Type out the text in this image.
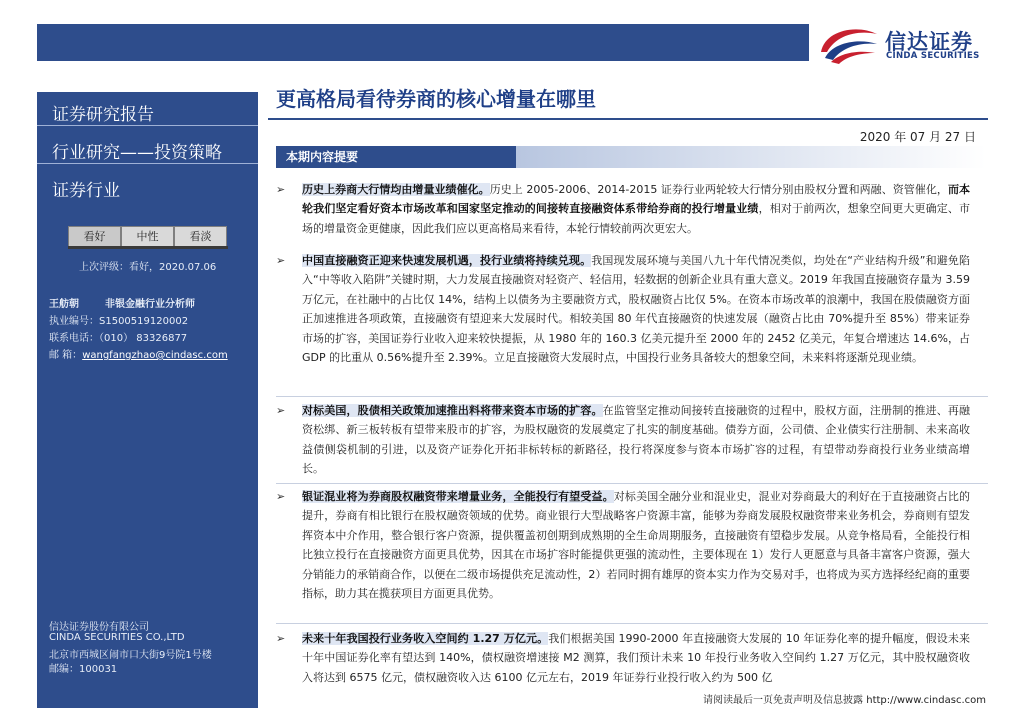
信达证券
CINDA SECURITIES
证券研究报告
行业研究——投资策略
证券行业
看好	中性	看淡
上次评级：看好，2020.07.06
王舫朝	非银金融行业分析师
执业编号：S1500519120002
联系电话：（010） 83326877
邮 箱：wangfangzhao@cindasc.com
信达证券股份有限公司
CINDA SECURITIES CO.,LTD
北京市西城区闹市口大街9号院1号楼
邮编：100031
更高格局看待券商的核心增量在哪里
2020 年 07 月 27 日
本期内容提要
➢ 历史上券商大行情均由增量业绩催化。历史上 2005-2006、2014-2015 证券行业两轮较大行情分别由股权分置和两融、资管催化，而本轮我们坚定看好资本市场改革和国家坚定推动的间接转直接融资体系带给券商的投行增量业绩，相对于前两次，想象空间更大更确定、市场的增量资金更健康，因此我们应以更高格局来看待，本轮行情较前两次更宏大。
➢ 中国直接融资正迎来快速发展机遇，投行业绩将持续兑现。我国现发展环境与美国八九十年代情况类似，均处在“产业结构升级”和避免陷入“中等收入陷阱”关键时期，大力发展直接融资对轻资产、轻信用，轻数据的创新企业具有重大意义。2019 年我国直接融资存量为 3.59 万亿元，在社融中的占比仅 14%，结构上以债务为主要融资方式，股权融资占比仅 5%。在资本市场改革的浪潮中，我国在股债融资方面正加速推进各项政策，直接融资有望迎来大发展时代。相较美国 80 年代直接融资的快速发展（融资占比由 70%提升至 85%）带来证券市场的扩容，美国证券行业收入迎来较快提振，从 1980 年的 160.3 亿美元提升至 2000 年的 2452 亿美元，年复合增速达 14.6%，占 GDP 的比重从 0.56%提升至 2.39%。立足直接融资大发展时点，中国投行业务具备较大的想象空间，未来料将逐渐兑现业绩。
➢ 对标美国，股债相关政策加速推出料将带来资本市场的扩容。在监管坚定推动间接转直接融资的过程中，股权方面，注册制的推进、再融资松绑、新三板转板有望带来股市的扩容，为股权融资的发展奠定了扎实的制度基础。债券方面，公司债、企业债实行注册制、未来高收益债侧袋机制的引进，以及资产证券化开拓非标转标的新路径，投行将深度参与资本市场扩容的过程，有望带动券商投行业务业绩高增长。
➢ 银证混业将为券商股权融资带来增量业务，全能投行有望受益。对标美国全融分业和混业史，混业对券商最大的利好在于直接融资占比的提升，券商有相比银行在股权融资领域的优势。商业银行大型战略客户资源丰富，能够为券商发展股权融资带来业务机会，券商则有望发挥资本中介作用，整合银行客户资源，提供覆盖初创期到成熟期的全生命周期服务，直接融资有望稳步发展。从竞争格局看，全能投行相比独立投行在直接融资方面更具优势，因其在市场扩容时能提供更强的流动性，主要体现在 1）发行人更愿意与具备丰富客户资源，强大分销能力的承销商合作，以便在二级市场提供充足流动性，2）若同时拥有雄厚的资本实力作为交易对手，也将成为买方选择经纪商的重要指标，助力其在揽获项目方面更具优势。
➢ 未来十年我国投行业务收入空间约 1.27 万亿元。我们根据美国 1990-2000 年直接融资大发展的 10 年证券化率的提升幅度，假设未来十年中国证券化率有望达到 140%，债权融资增速接 M2 测算，我们预计未来 10 年投行业务收入空间约 1.27 万亿元，其中股权融资收入将达到 6575 亿元，债权融资收入达 6100 亿元左右，2019 年证券行业投行收入约为 500 亿
请阅读最后一页免责声明及信息披露 http://www.cindasc.com
